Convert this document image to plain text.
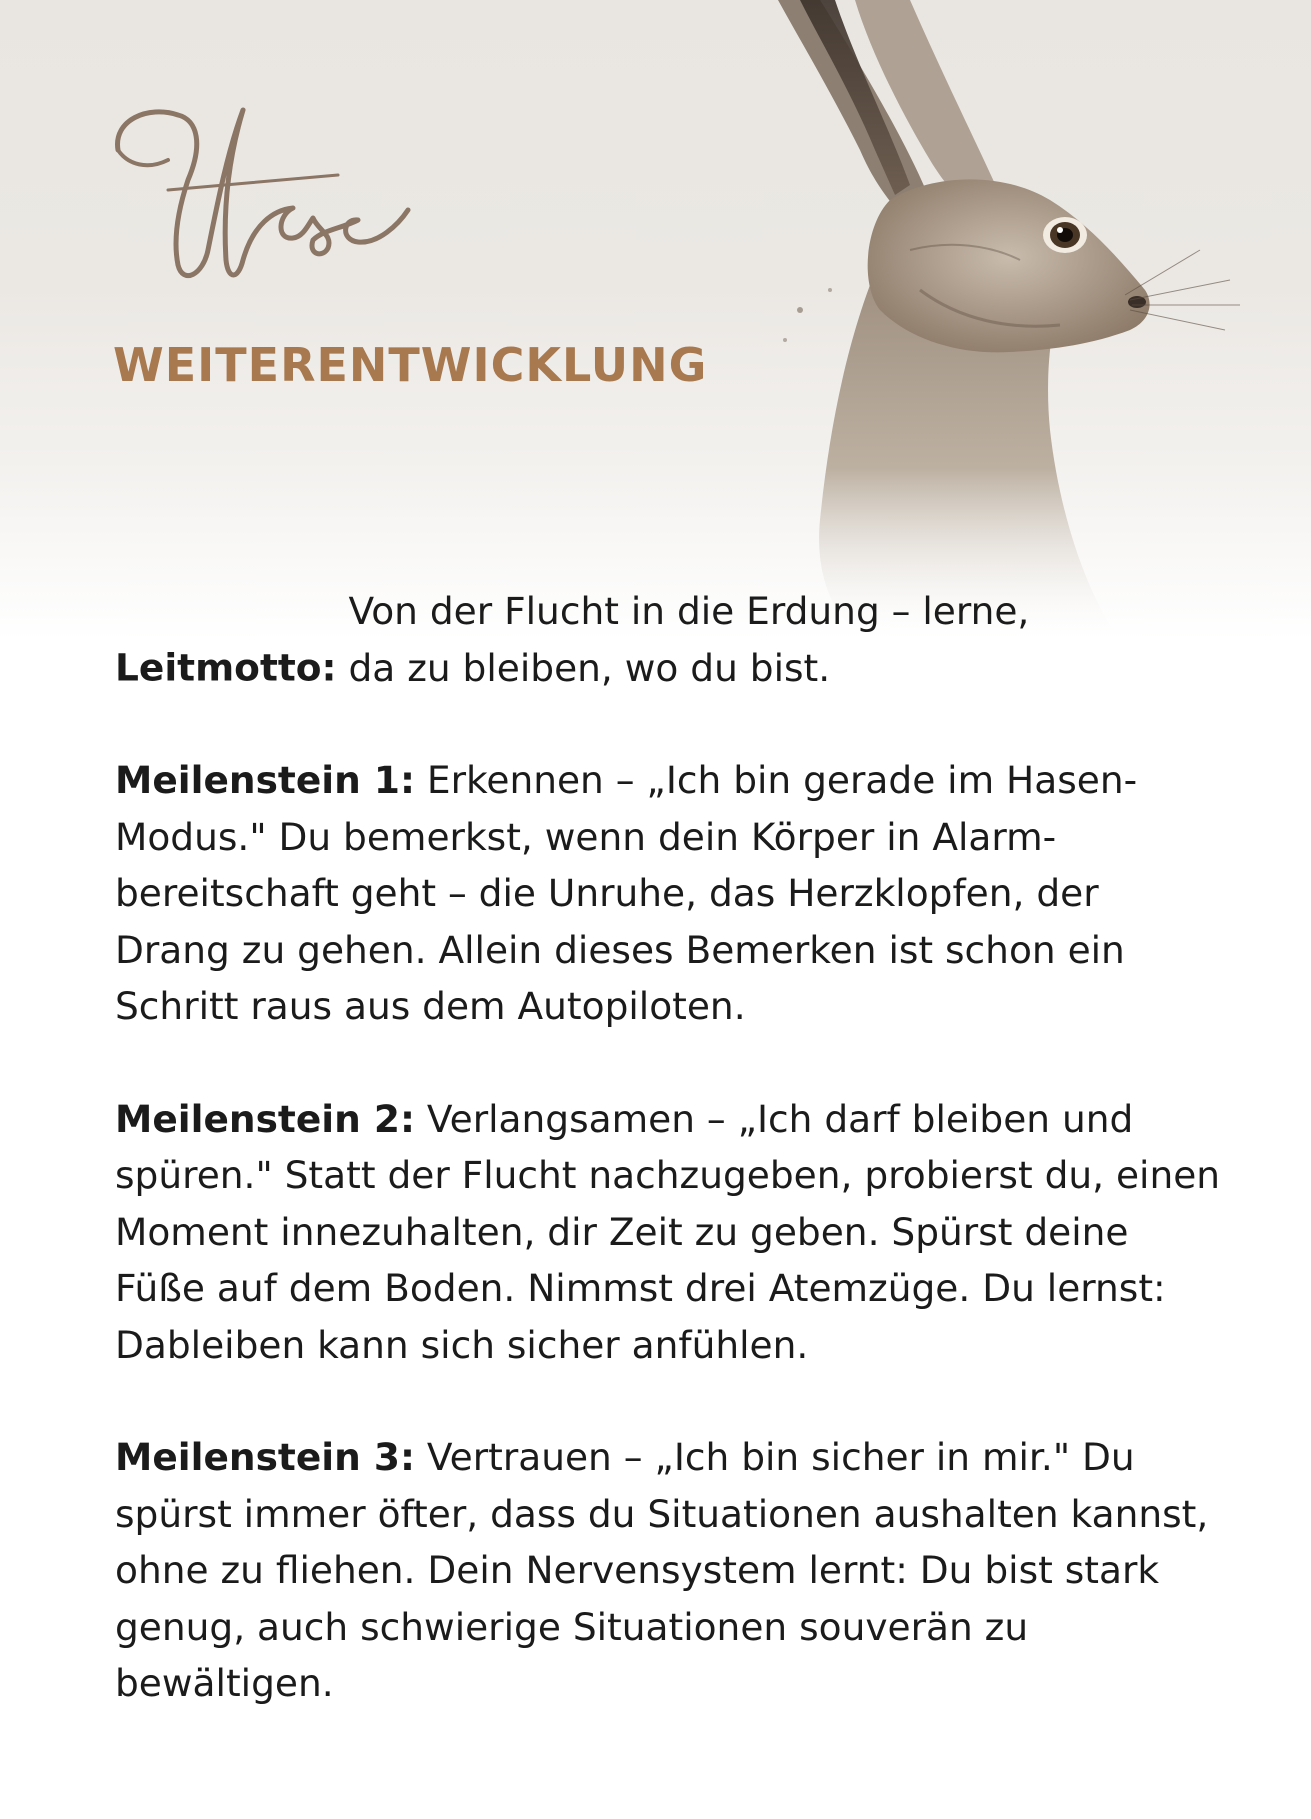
WEITERENTWICKLUNG

Leitmotto: Von der Flucht in die Erdung – lerne, da zu bleiben, wo du bist.

Meilenstein 1: Erkennen – „Ich bin gerade im Hasen-Modus." Du bemerkst, wenn dein Körper in Alarm-bereitschaft geht – die Unruhe, das Herzklopfen, der Drang zu gehen. Allein dieses Bemerken ist schon ein Schritt raus aus dem Autopiloten.

Meilenstein 2: Verlangsamen – „Ich darf bleiben und spüren." Statt der Flucht nachzugeben, probierst du, einen Moment innezuhalten, dir Zeit zu geben. Spürst deine Füße auf dem Boden. Nimmst drei Atemzüge. Du lernst: Dableiben kann sich sicher anfühlen.

Meilenstein 3: Vertrauen – „Ich bin sicher in mir." Du spürst immer öfter, dass du Situationen aushalten kannst, ohne zu fliehen. Dein Nervensystem lernt: Du bist stark genug, auch schwierige Situationen souverän zu bewältigen.
